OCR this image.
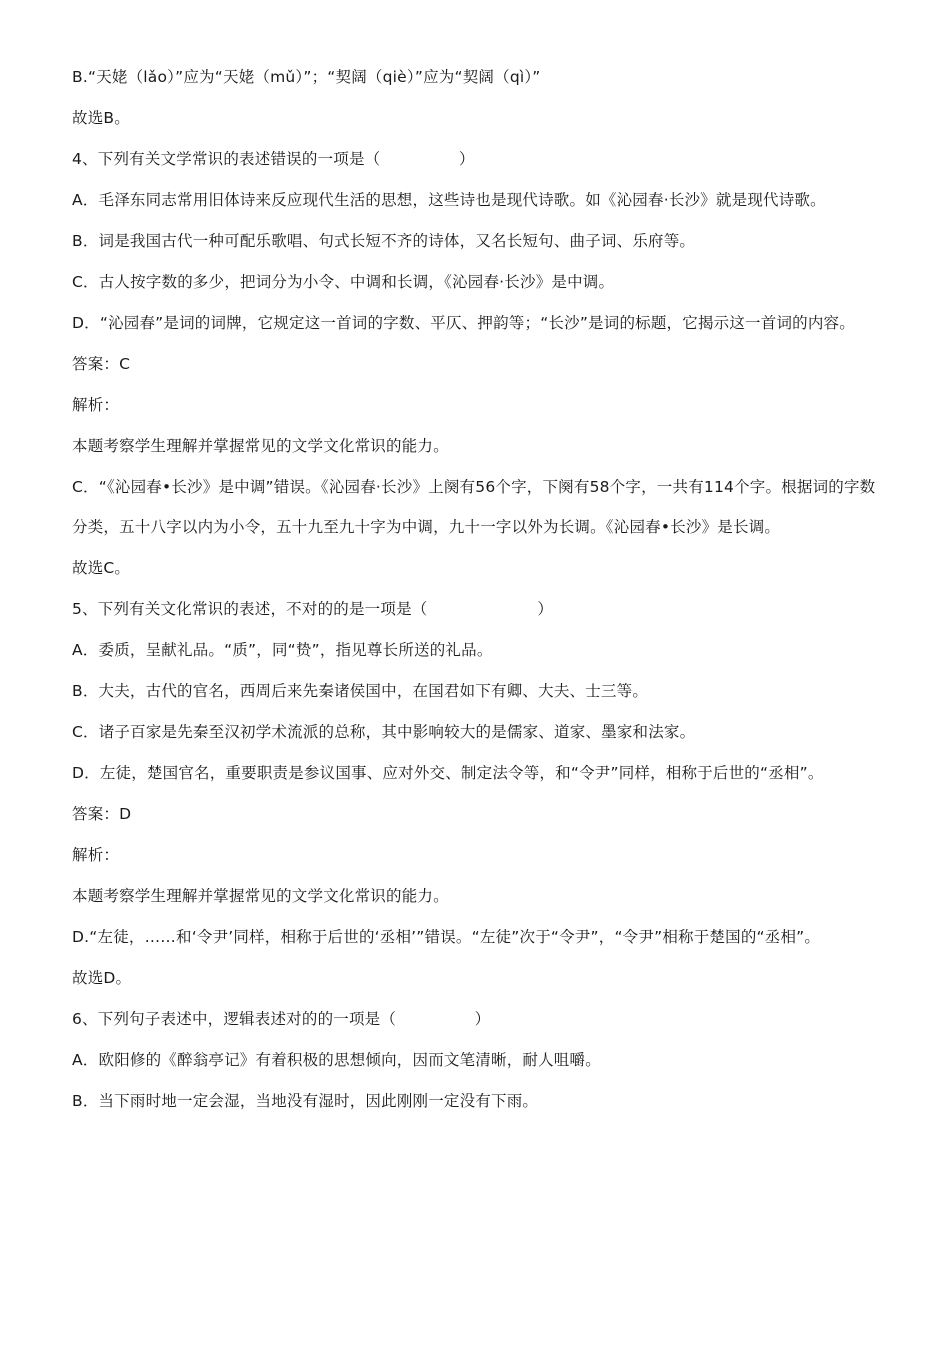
B.“天姥（lǎo）”应为“天姥（mǔ）”；“契阔（qiè）”应为“契阔（qì）”
故选B。
4、下列有关文学常识的表述错误的一项是（　　　　　）
A．毛泽东同志常用旧体诗来反应现代生活的思想，这些诗也是现代诗歌。如《沁园春·长沙》就是现代诗歌。
B．词是我国古代一种可配乐歌唱、句式长短不齐的诗体，又名长短句、曲子词、乐府等。
C．古人按字数的多少，把词分为小令、中调和长调，《沁园春·长沙》是中调。
D．“沁园春”是词的词牌，它规定这一首词的字数、平仄、押韵等；“长沙”是词的标题，它揭示这一首词的内容。
答案：C
解析：
本题考察学生理解并掌握常见的文学文化常识的能力。
C．“《沁园春•长沙》是中调”错误。《沁园春·长沙》上阕有56个字，下阕有58个字，一共有114个字。根据词的字数分类，五十八字以内为小令，五十九至九十字为中调，九十一字以外为长调。《沁园春•长沙》是长调。
故选C。
5、下列有关文化常识的表述，不对的的是一项是（　　　　　　　）
A．委质，呈献礼品。“质”，同“贽”，指见尊长所送的礼品。
B．大夫，古代的官名，西周后来先秦诸侯国中，在国君如下有卿、大夫、士三等。
C．诸子百家是先秦至汉初学术流派的总称，其中影响较大的是儒家、道家、墨家和法家。
D．左徒，楚国官名，重要职责是参议国事、应对外交、制定法令等，和“令尹”同样，相称于后世的“丞相”。
答案：D
解析：
本题考察学生理解并掌握常见的文学文化常识的能力。
D.“左徒，……和‘令尹’同样，相称于后世的‘丞相’”错误。“左徒”次于“令尹”，“令尹”相称于楚国的“丞相”。
故选D。
6、下列句子表述中，逻辑表述对的的一项是（　　　　　）
A．欧阳修的《醉翁亭记》有着积极的思想倾向，因而文笔清晰，耐人咀嚼。
B．当下雨时地一定会湿，当地没有湿时，因此刚刚一定没有下雨。
